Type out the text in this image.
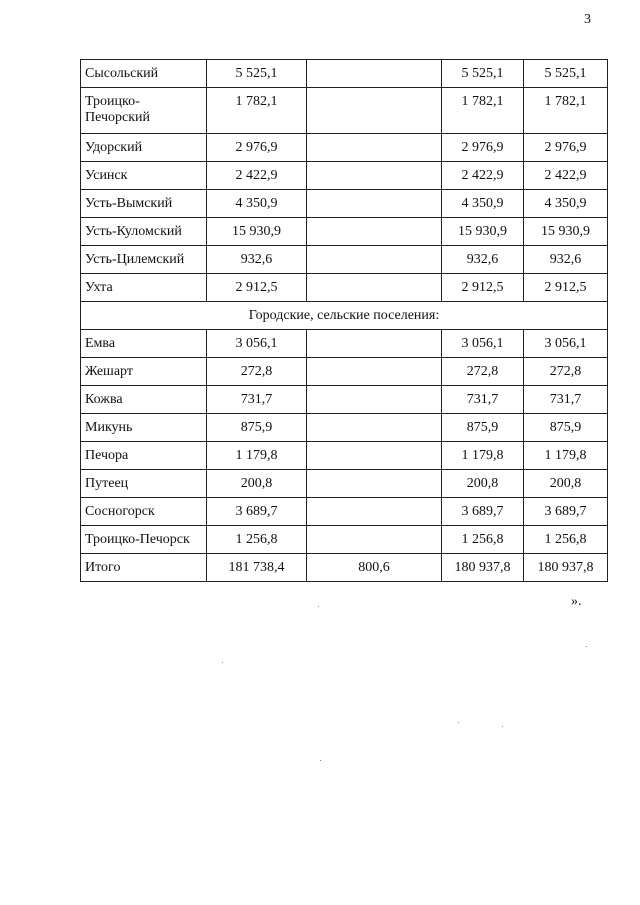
3
Сысольский	5 525,1		5 525,1	5 525,1
Троицко-
Печорский	1 782,1		1 782,1	1 782,1
Удорский	2 976,9		2 976,9	2 976,9
Усинск	2 422,9		2 422,9	2 422,9
Усть-Вымский	4 350,9		4 350,9	4 350,9
Усть-Куломский	15 930,9		15 930,9	15 930,9
Усть-Цилемский	932,6		932,6	932,6
Ухта	2 912,5		2 912,5	2 912,5
Городские, сельские поселения:				
Емва	3 056,1		3 056,1	3 056,1
Жешарт	272,8		272,8	272,8
Кожва	731,7		731,7	731,7
Микунь	875,9		875,9	875,9
Печора	1 179,8		1 179,8	1 179,8
Путеец	200,8		200,8	200,8
Сосногорск	3 689,7		3 689,7	3 689,7
Троицко-Печорск	1 256,8		1 256,8	1 256,8
Итого	181 738,4	800,6	180 937,8	180 937,8
».
